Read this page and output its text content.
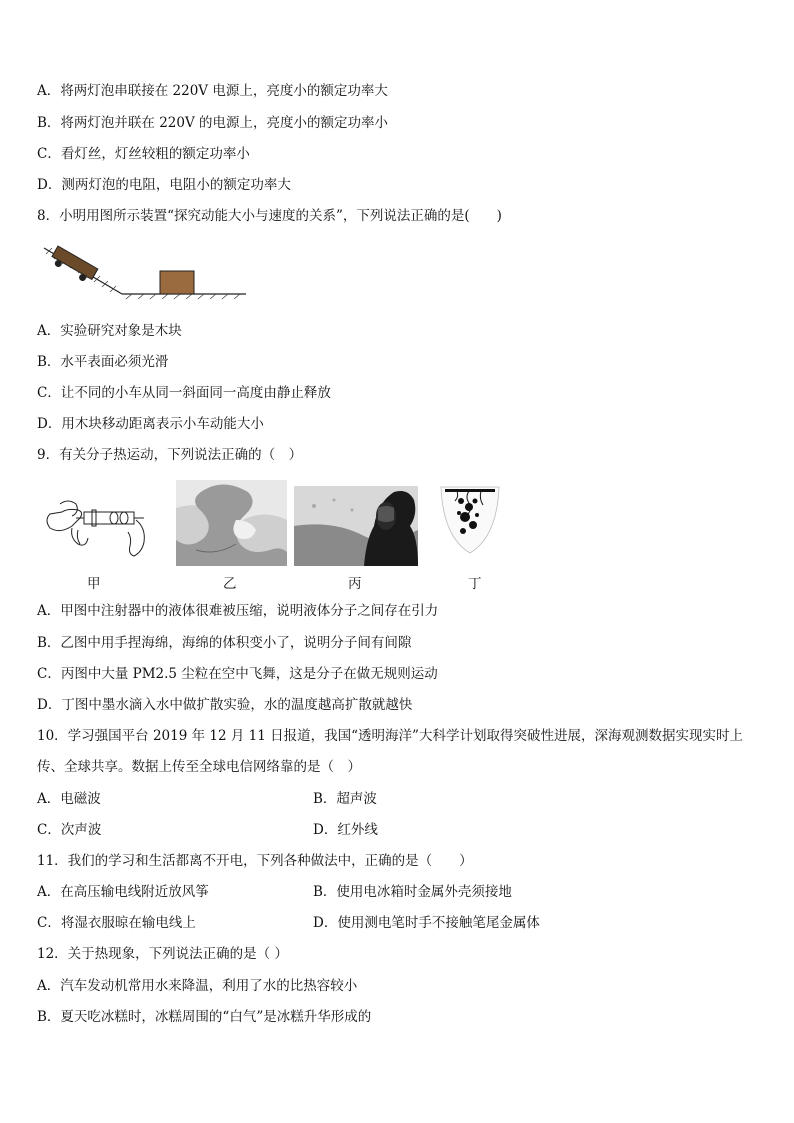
A．将两灯泡串联接在 220V 电源上，亮度小的额定功率大
B．将两灯泡并联在 220V 的电源上，亮度小的额定功率小
C．看灯丝，灯丝较粗的额定功率小
D．测两灯泡的电阻，电阻小的额定功率大
8．小明用图所示装置“探究动能大小与速度的关系”，下列说法正确的是(　　)
A．实验研究对象是木块
B．水平表面必须光滑
C．让不同的小车从同一斜面同一高度由静止释放
D．用木块移动距离表示小车动能大小
9．有关分子热运动，下列说法正确的（　）
甲	乙	丙	丁
A．甲图中注射器中的液体很难被压缩，说明液体分子之间存在引力
B．乙图中用手捏海绵，海绵的体积变小了，说明分子间有间隙
C．丙图中大量 PM2.5 尘粒在空中飞舞，这是分子在做无规则运动
D．丁图中墨水滴入水中做扩散实验，水的温度越高扩散就越快
10．学习强国平台 2019 年 12 月 11 日报道，我国“透明海洋”大科学计划取得突破性进展，深海观测数据实现实时上传、全球共享。数据上传至全球电信网络靠的是（　）
A．电磁波	B．超声波
C．次声波	D．红外线
11．我们的学习和生活都离不开电，下列各种做法中，正确的是（　　）
A．在高压输电线附近放风筝	B．使用电冰箱时金属外壳须接地
C．将湿衣服晾在输电线上	D．使用测电笔时手不接触笔尾金属体
12．关于热现象，下列说法正确的是（ ）
A．汽车发动机常用水来降温，利用了水的比热容较小
B．夏天吃冰糕时，冰糕周围的“白气”是冰糕升华形成的
